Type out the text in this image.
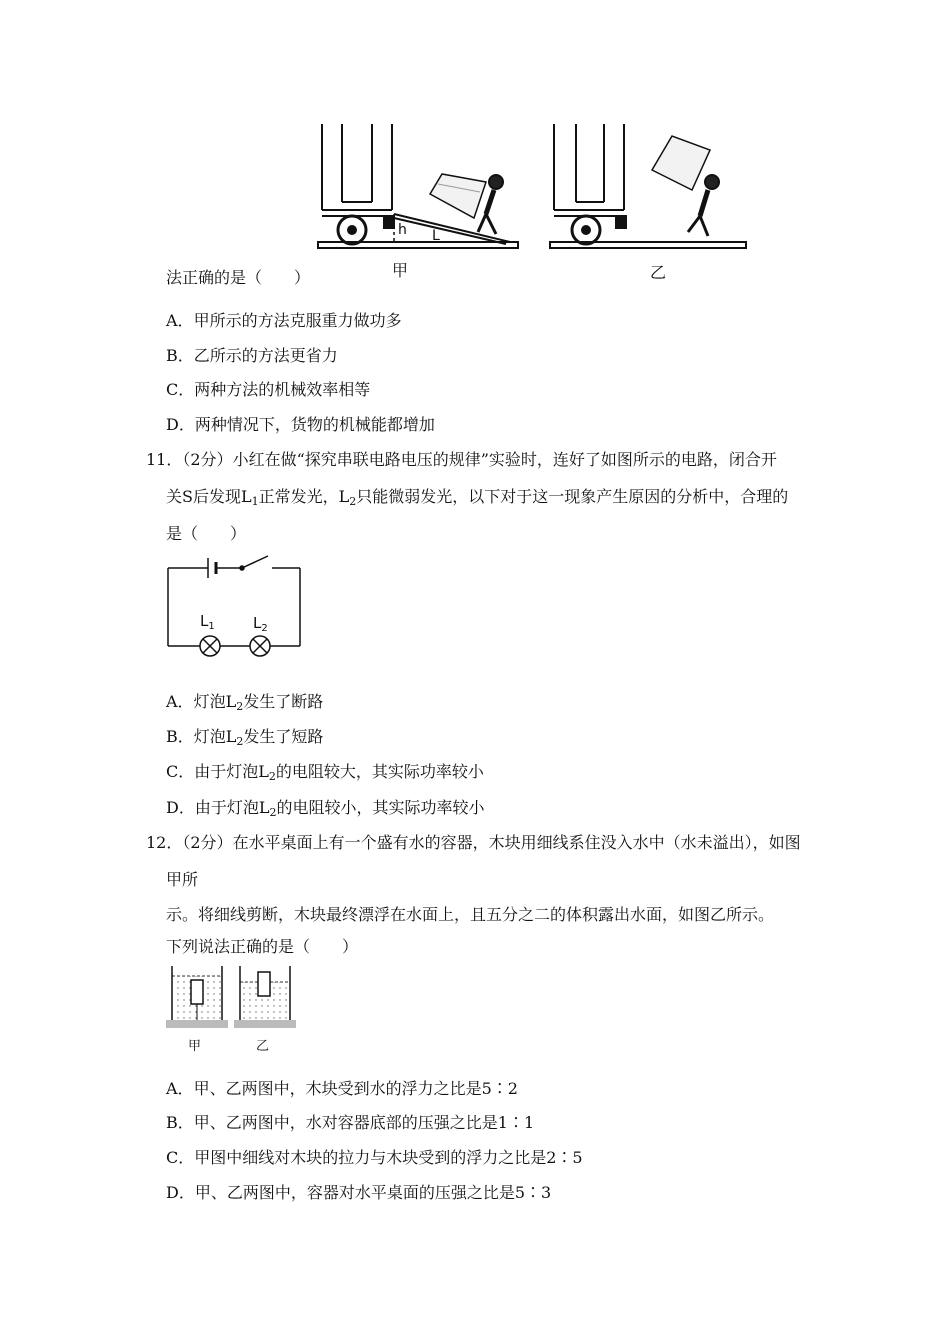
h L
甲	乙
法正确的是（　　）
A．甲所示的方法克服重力做功多
B．乙所示的方法更省力
C．两种方法的机械效率相等
D．两种情况下，货物的机械能都增加
11．（2分）小红在做“探究串联电路电压的规律”实验时，连好了如图所示的电路，闭合开
关S后发现$L_1$正常发光，$L_2$只能微弱发光，以下对于这一现象产生原因的分析中，合理的
是（　　）
$L_1$	$L_2$
A．灯泡$L_2$发生了断路
B．灯泡$L_2$发生了短路
C．由于灯泡$L_2$的电阻较大，其实际功率较小
D．由于灯泡$L_2$的电阻较小，其实际功率较小
12．（2分）在水平桌面上有一个盛有水的容器，木块用细线系住没入水中（水未溢出），如图
甲所
示。将细线剪断，木块最终漂浮在水面上，且五分之二的体积露出水面，如图乙所示。
下列说法正确的是（　　）
甲	乙
A．甲、乙两图中，木块受到水的浮力之比是5∶2
B．甲、乙两图中，水对容器底部的压强之比是1∶1
C．甲图中细线对木块的拉力与木块受到的浮力之比是2∶5
D．甲、乙两图中，容器对水平桌面的压强之比是5∶3
